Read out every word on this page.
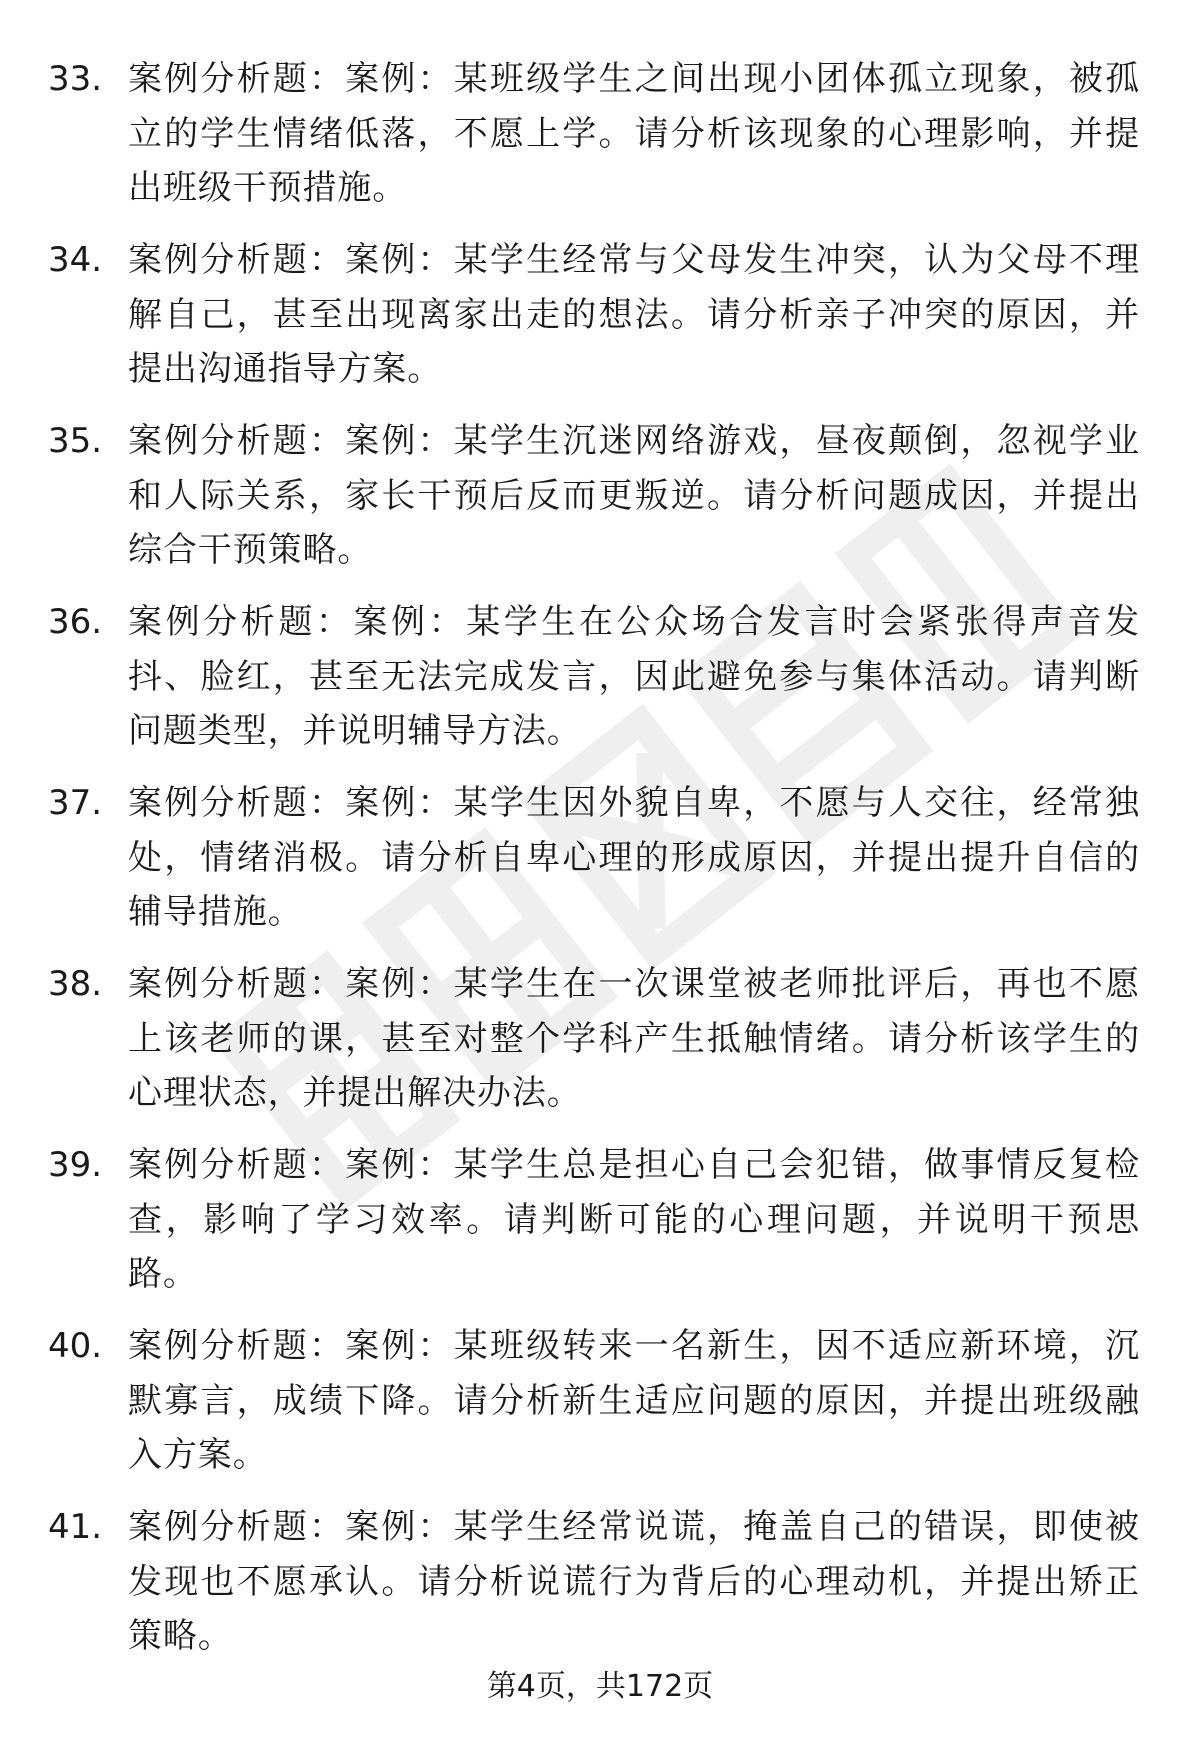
33. 案例分析题：案例：某班级学生之间出现小团体孤立现象，被孤立的学生情绪低落，不愿上学。请分析该现象的心理影响，并提出班级干预措施。
34. 案例分析题：案例：某学生经常与父母发生冲突，认为父母不理解自己，甚至出现离家出走的想法。请分析亲子冲突的原因，并提出沟通指导方案。
35. 案例分析题：案例：某学生沉迷网络游戏，昼夜颠倒，忽视学业和人际关系，家长干预后反而更叛逆。请分析问题成因，并提出综合干预策略。
36. 案例分析题：案例：某学生在公众场合发言时会紧张得声音发抖、脸红，甚至无法完成发言，因此避免参与集体活动。请判断问题类型，并说明辅导方法。
37. 案例分析题：案例：某学生因外貌自卑，不愿与人交往，经常独处，情绪消极。请分析自卑心理的形成原因，并提出提升自信的辅导措施。
38. 案例分析题：案例：某学生在一次课堂被老师批评后，再也不愿上该老师的课，甚至对整个学科产生抵触情绪。请分析该学生的心理状态，并提出解决办法。
39. 案例分析题：案例：某学生总是担心自己会犯错，做事情反复检查，影响了学习效率。请判断可能的心理问题，并说明干预思路。
40. 案例分析题：案例：某班级转来一名新生，因不适应新环境，沉默寡言，成绩下降。请分析新生适应问题的原因，并提出班级融入方案。
41. 案例分析题：案例：某学生经常说谎，掩盖自己的错误，即使被发现也不愿承认。请分析说谎行为背后的心理动机，并提出矫正策略。
第4页，共172页
